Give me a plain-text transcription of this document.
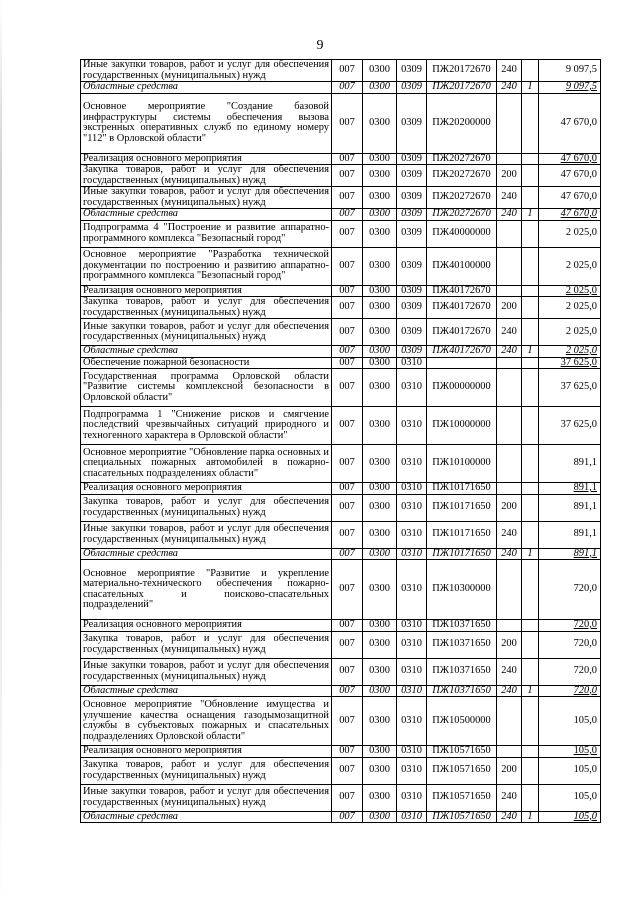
9
Иные закупки товаров, работ и услуг для обеспечения государственных (муниципальных) нужд	007	0300	0309	ПЖ20172670	240		9 097,5
Областные средства	007	0300	0309	ПЖ20172670	240	1	9 097,5
Основное мероприятие "Создание базовой инфраструктуры системы обеспечения вызова экстренных оперативных служб по единому номеру "112" в Орловской области"	007	0300	0309	ПЖ20200000			47 670,0
Реализация основного мероприятия	007	0300	0309	ПЖ20272670			47 670,0
Закупка товаров, работ и услуг для обеспечения государственных (муниципальных) нужд	007	0300	0309	ПЖ20272670	200		47 670,0
Иные закупки товаров, работ и услуг для обеспечения государственных (муниципальных) нужд	007	0300	0309	ПЖ20272670	240		47 670,0
Областные средства	007	0300	0309	ПЖ20272670	240	1	47 670,0
Подпрограмма 4 "Построение и развитие аппаратно-программного комплекса "Безопасный город"	007	0300	0309	ПЖ40000000			2 025,0
Основное мероприятие "Разработка технической документации по построению и развитию аппаратно-программного комплекса "Безопасный город"	007	0300	0309	ПЖ40100000			2 025,0
Реализация основного мероприятия	007	0300	0309	ПЖ40172670			2 025,0
Закупка товаров, работ и услуг для обеспечения государственных (муниципальных) нужд	007	0300	0309	ПЖ40172670	200		2 025,0
Иные закупки товаров, работ и услуг для обеспечения государственных (муниципальных) нужд	007	0300	0309	ПЖ40172670	240		2 025,0
Областные средства	007	0300	0309	ПЖ40172670	240	1	2 025,0
Обеспечение пожарной безопасности	007	0300	0310				37 625,0
Государственная программа Орловской области "Развитие системы комплексной безопасности в Орловской области"	007	0300	0310	ПЖ00000000			37 625,0
Подпрограмма 1 "Снижение рисков и смягчение последствий чрезвычайных ситуаций природного и техногенного характера в Орловской области"	007	0300	0310	ПЖ10000000			37 625,0
Основное мероприятие "Обновление парка основных и специальных пожарных автомобилей в пожарно-спасательных подразделениях области"	007	0300	0310	ПЖ10100000			891,1
Реализация основного мероприятия	007	0300	0310	ПЖ10171650			891,1
Закупка товаров, работ и услуг для обеспечения государственных (муниципальных) нужд	007	0300	0310	ПЖ10171650	200		891,1
Иные закупки товаров, работ и услуг для обеспечения государственных (муниципальных) нужд	007	0300	0310	ПЖ10171650	240		891,1
Областные средства	007	0300	0310	ПЖ10171650	240	1	891,1
Основное мероприятие "Развитие и укрепление материально-технического обеспечения пожарно-спасательных и поисково-спасательных подразделений"	007	0300	0310	ПЖ10300000			720,0
Реализация основного мероприятия	007	0300	0310	ПЖ10371650			720,0
Закупка товаров, работ и услуг для обеспечения государственных (муниципальных) нужд	007	0300	0310	ПЖ10371650	200		720,0
Иные закупки товаров, работ и услуг для обеспечения государственных (муниципальных) нужд	007	0300	0310	ПЖ10371650	240		720,0
Областные средства	007	0300	0310	ПЖ10371650	240	1	720,0
Основное мероприятие "Обновление имущества и улучшение качества оснащения газодымозащитной службы в субъектовых пожарных и спасательных подразделениях Орловской области"	007	0300	0310	ПЖ10500000			105,0
Реализация основного мероприятия	007	0300	0310	ПЖ10571650			105,0
Закупка товаров, работ и услуг для обеспечения государственных (муниципальных) нужд	007	0300	0310	ПЖ10571650	200		105,0
Иные закупки товаров, работ и услуг для обеспечения государственных (муниципальных) нужд	007	0300	0310	ПЖ10571650	240		105,0
Областные средства	007	0300	0310	ПЖ10571650	240	1	105,0
